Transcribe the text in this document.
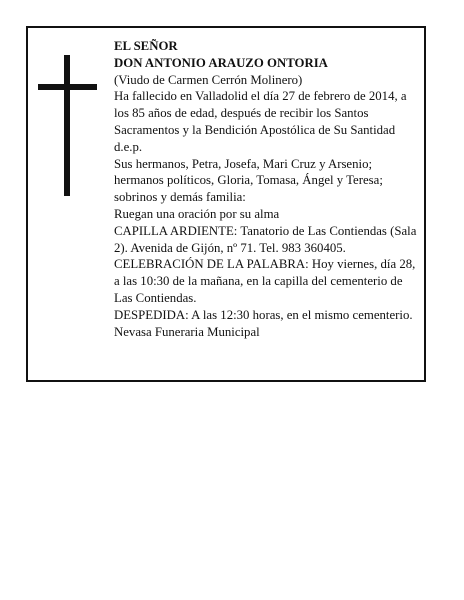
EL SEÑOR

DON ANTONIO ARAUZO ONTORIA

(Viudo de Carmen Cerrón Molinero)

Ha fallecido en Valladolid el día 27 de febrero de 2014, a los 85 años de edad, después de recibir los Santos Sacramentos y la Bendición Apostólica de Su Santidad

d.e.p.

Sus hermanos, Petra, Josefa, Mari Cruz y Arsenio; hermanos políticos, Gloria, Tomasa, Ángel y Teresa; sobrinos y demás familia:

Ruegan una oración por su alma

CAPILLA ARDIENTE: Tanatorio de Las Contiendas (Sala 2). Avenida de Gijón, nº 71. Tel. 983 360405.

CELEBRACIÓN DE LA PALABRA: Hoy viernes, día 28, a las 10:30 de la mañana, en la capilla del cementerio de Las Contiendas.

DESPEDIDA: A las 12:30 horas, en el mismo cementerio.

Nevasa Funeraria Municipal
